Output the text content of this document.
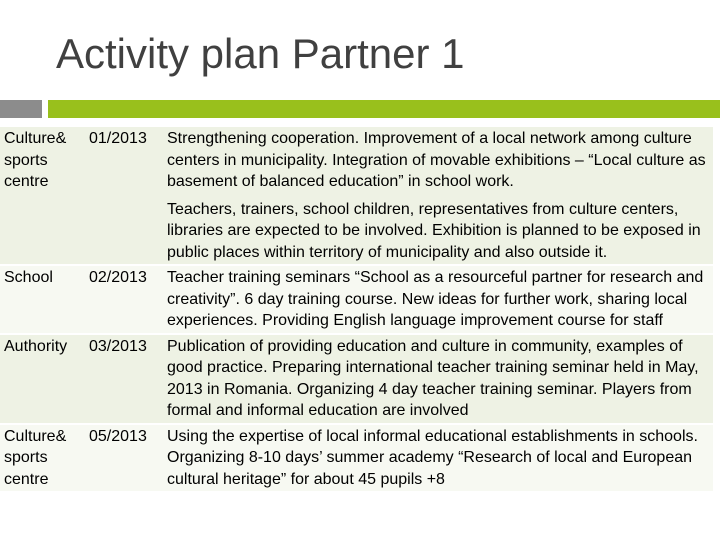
Activity plan Partner 1
Culture& sports centre	01/2013	Strengthening cooperation. Improvement of a local network among culture centers in municipality. Integration of movable exhibitions – “Local culture as basement of balanced education” in school work.
Teachers, trainers, school children, representatives from culture centers, libraries are expected to be involved. Exhibition is planned to be exposed in public places within territory of municipality and also outside it.

School	02/2013	Teacher training seminars “School as a resourceful partner for research and creativity”. 6 day training course. New ideas for further work, sharing local experiences. Providing English language improvement course for staff

Authority	03/2013	Publication of providing education and culture in community, examples of good practice. Preparing international teacher training seminar held in May, 2013 in Romania. Organizing 4 day teacher training seminar. Players from formal and informal education are involved

Culture& sports centre	05/2013	Using the expertise of local informal educational establishments in schools. Organizing 8-10 days’ summer academy “Research of local and European cultural heritage” for about 45 pupils +8
